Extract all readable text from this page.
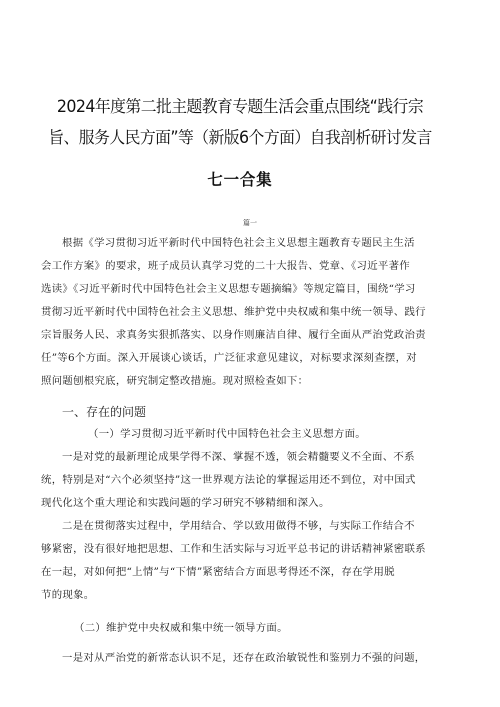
2024年度第二批主题教育专题生活会重点围绕“践行宗
旨、服务人民方面”等（新版6个方面）自我剖析研讨发言
七一合集
篇一
根据《学习贯彻习近平新时代中国特色社会主义思想主题教育专题民主生活
会工作方案》的要求，班子成员认真学习党的二十大报告、党章、《习近平著作
选读》《习近平新时代中国特色社会主义思想专题摘编》等规定篇目，围绕“学习
贯彻习近平新时代中国特色社会主义思想、维护党中央权威和集中统一领导、践行
宗旨服务人民、求真务实狠抓落实、以身作则廉洁自律、履行全面从严治党政治责
任”等6个方面。深入开展谈心谈话，广泛征求意见建议，对标要求深刻查摆，对
照问题刨根究底，研究制定整改措施。现对照检查如下：
一、存在的问题
（一）学习贯彻习近平新时代中国特色社会主义思想方面。
一是对党的最新理论成果学得不深、掌握不透，领会精髓要义不全面、不系
统，特别是对“六个必须坚持”这一世界观方法论的掌握运用还不到位，对中国式
现代化这个重大理论和实践问题的学习研究不够精细和深入。
二是在贯彻落实过程中，学用结合、学以致用做得不够，与实际工作结合不
够紧密，没有很好地把思想、工作和生活实际与习近平总书记的讲话精神紧密联系
在一起，对如何把“上情”与“下情”紧密结合方面思考得还不深，存在学用脱
节的现象。
（二）维护党中央权威和集中统一领导方面。
一是对从严治党的新常态认识不足，还存在政治敏锐性和鉴别力不强的问题，
